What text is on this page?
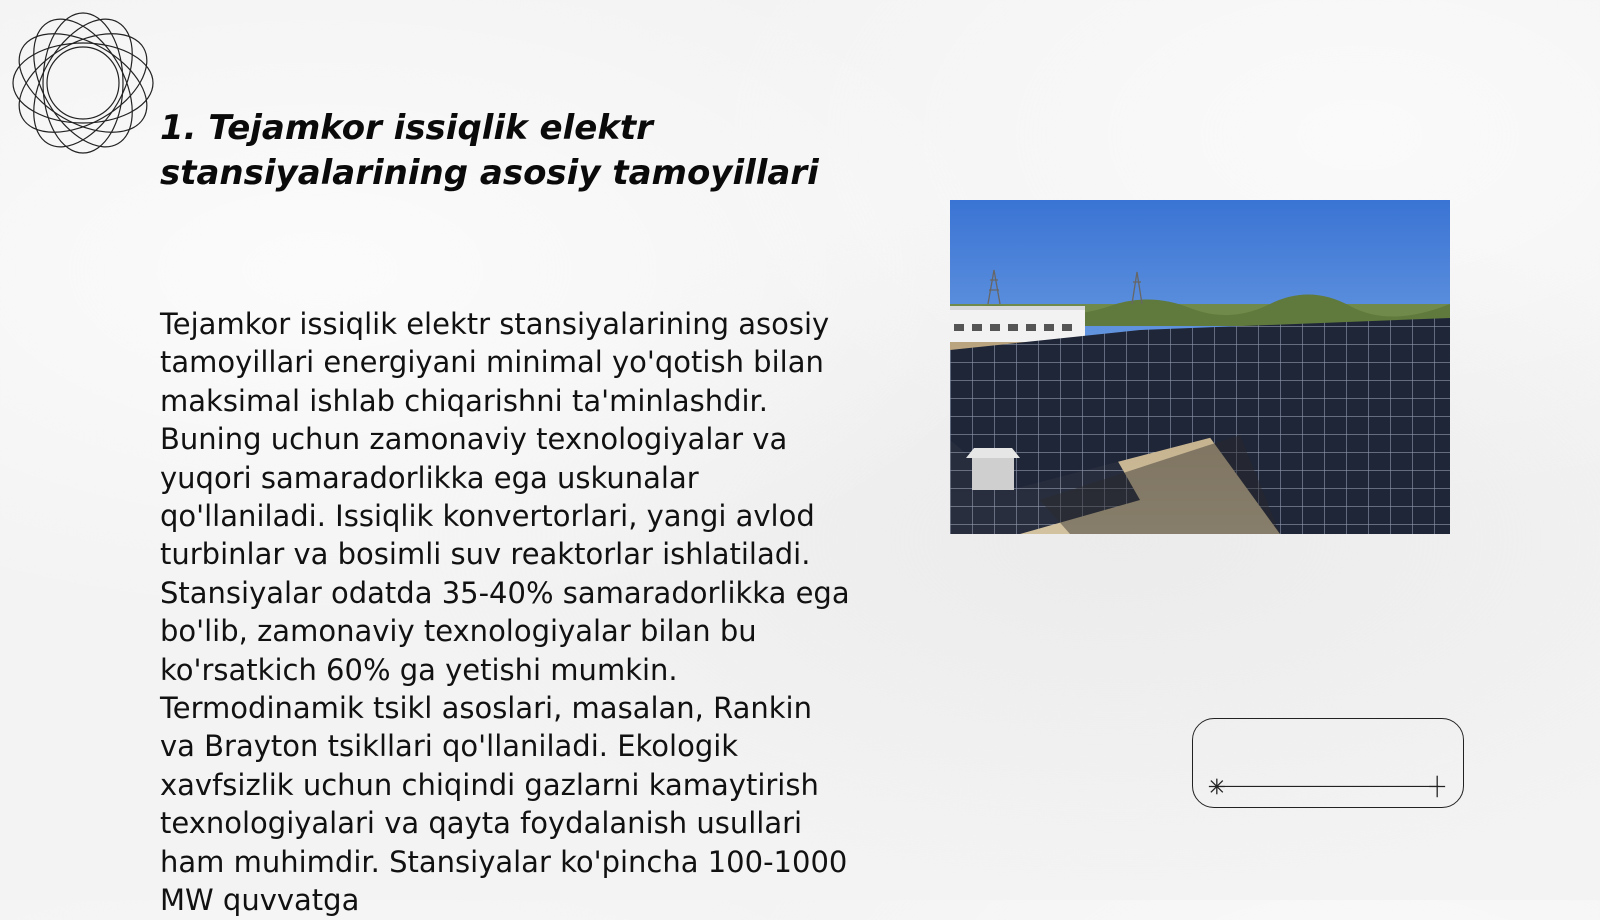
1. Tejamkor issiqlik elektr stansiyalarining asosiy tamoyillari

Tejamkor issiqlik elektr stansiyalarining asosiy tamoyillari energiyani minimal yo'qotish bilan maksimal ishlab chiqarishni ta'minlashdir. Buning uchun zamonaviy texnologiyalar va yuqori samaradorlikka ega uskunalar qo'llaniladi. Issiqlik konvertorlari, yangi avlod turbinlar va bosimli suv reaktorlar ishlatiladi. Stansiyalar odatda 35-40% samaradorlikka ega bo'lib, zamonaviy texnologiyalar bilan bu ko'rsatkich 60% ga yetishi mumkin. Termodinamik tsikl asoslari, masalan, Rankin va Brayton tsikllari qo'llaniladi. Ekologik xavfsizlik uchun chiqindi gazlarni kamaytirish texnologiyalari va qayta foydalanish usullari ham muhimdir. Stansiyalar ko'pincha 100-1000 MW quvvatga
